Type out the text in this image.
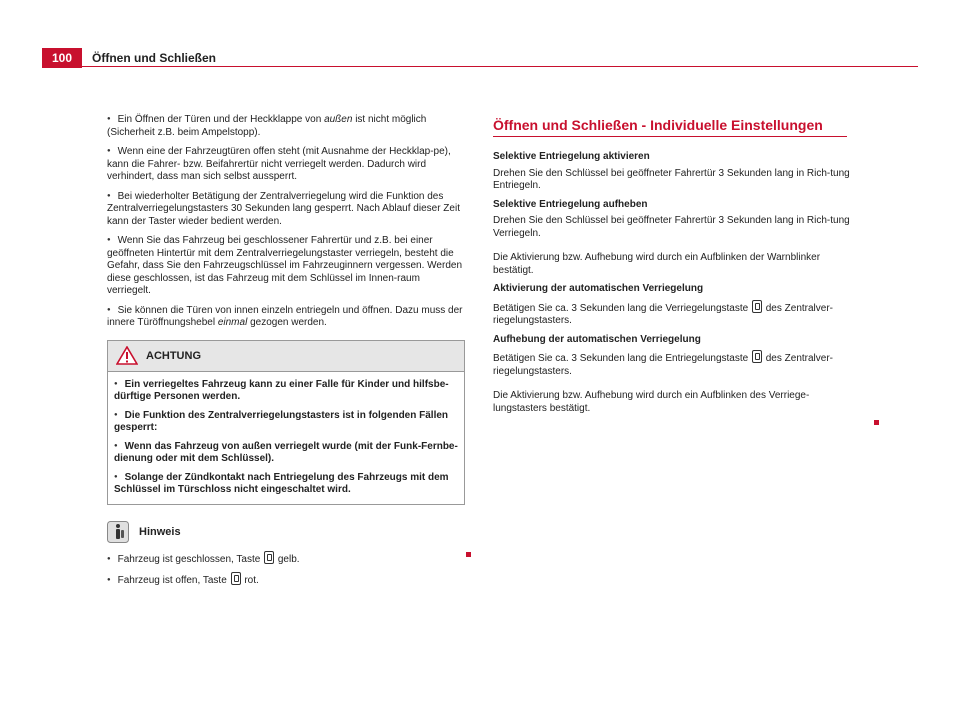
100	Öffnen und Schließen

● Ein Öffnen der Türen und der Heckklappe von außen ist nicht möglich (Sicherheit z.B. beim Ampelstopp).

● Wenn eine der Fahrzeugtüren offen steht (mit Ausnahme der Heckklap-pe), kann die Fahrer- bzw. Beifahrertür nicht verriegelt werden. Dadurch wird verhindert, dass man sich selbst aussperrt.

● Bei wiederholter Betätigung der Zentralverriegelung wird die Funktion des Zentralverriegelungstasters 30 Sekunden lang gesperrt. Nach Ablauf dieser Zeit kann der Taster wieder bedient werden.

● Wenn Sie das Fahrzeug bei geschlossener Fahrertür und z.B. bei einer geöffneten Hintertür mit dem Zentralverriegelungstaster verriegeln, besteht die Gefahr, dass Sie den Fahrzeugschlüssel im Fahrzeuginnern vergessen. Werden diese geschlossen, ist das Fahrzeug mit dem Schlüssel im Innen-raum verriegelt.

● Sie können die Türen von innen einzeln entriegeln und öffnen. Dazu muss der innere Türöffnungshebel einmal gezogen werden.

ACHTUNG

● Ein verriegeltes Fahrzeug kann zu einer Falle für Kinder und hilfsbe-dürftige Personen werden.

● Die Funktion des Zentralverriegelungstasters ist in folgenden Fällen gesperrt:

● Wenn das Fahrzeug von außen verriegelt wurde (mit der Funk-Fernbe-dienung oder mit dem Schlüssel).

● Solange der Zündkontakt nach Entriegelung des Fahrzeugs mit dem Schlüssel im Türschloss nicht eingeschaltet wird.

Hinweis

● Fahrzeug ist geschlossen, Taste  gelb.

● Fahrzeug ist offen, Taste  rot.

Öffnen und Schließen - Individuelle Einstellungen

Selektive Entriegelung aktivieren

Drehen Sie den Schlüssel bei geöffneter Fahrertür 3 Sekunden lang in Rich-tung Entriegeln.

Selektive Entriegelung aufheben

Drehen Sie den Schlüssel bei geöffneter Fahrertür 3 Sekunden lang in Rich-tung Verriegeln.

Die Aktivierung bzw. Aufhebung wird durch ein Aufblinken der Warnblinker bestätigt.

Aktivierung der automatischen Verriegelung

Betätigen Sie ca. 3 Sekunden lang die Verriegelungstaste  des Zentralver-riegelungstasters.

Aufhebung der automatischen Verriegelung

Betätigen Sie ca. 3 Sekunden lang die Entriegelungstaste  des Zentralver-riegelungstasters.

Die Aktivierung bzw. Aufhebung wird durch ein Aufblinken des Verriege-lungstasters bestätigt.
